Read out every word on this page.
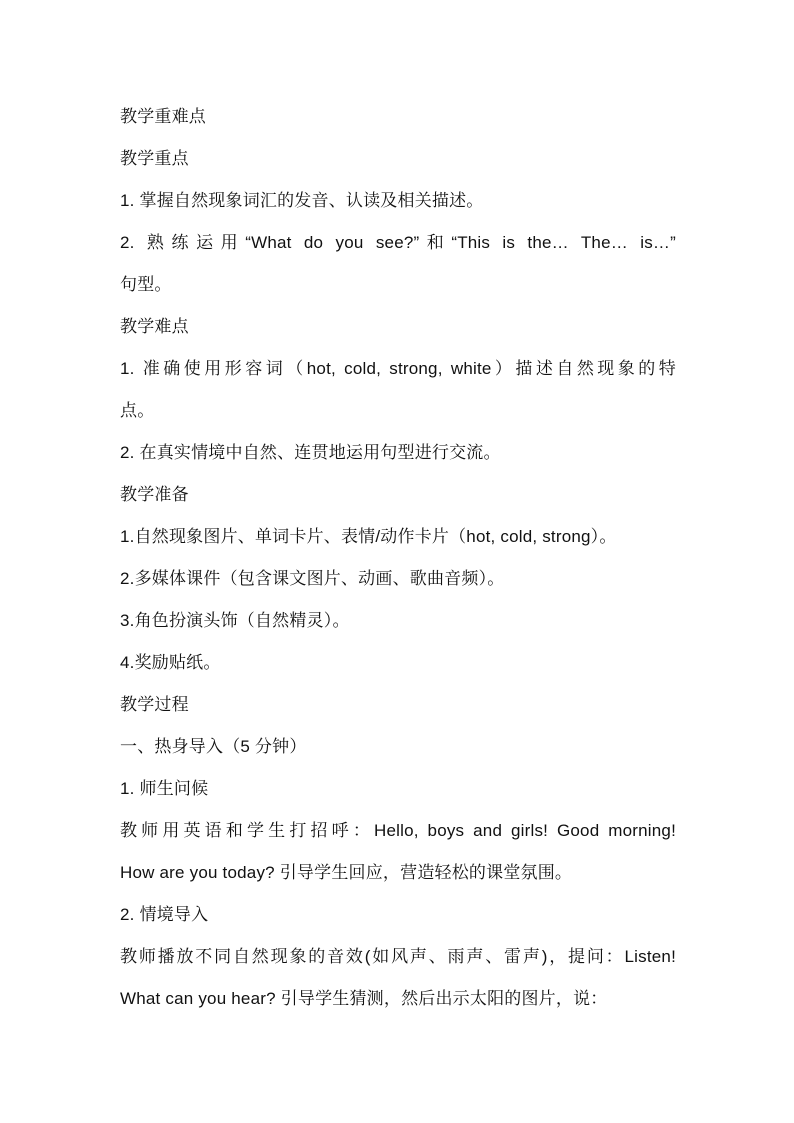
教学重难点
教学重点
1. 掌握自然现象词汇的发音、认读及相关描述。
2. 熟练运用“What do you see?”和“This is the… The… is…”
句型。
教学难点
1. 准确使用形容词（hot, cold, strong, white）描述自然现象的特
点。
2. 在真实情境中自然、连贯地运用句型进行交流。
教学准备
1.自然现象图片、单词卡片、表情/动作卡片（hot, cold, strong）。
2.多媒体课件（包含课文图片、动画、歌曲音频）。
3.角色扮演头饰（自然精灵）。
4.奖励贴纸。
教学过程
一、热身导入（5 分钟）
1. 师生问候
教师用英语和学生打招呼：Hello, boys and girls! Good morning!
How are you today? 引导学生回应，营造轻松的课堂氛围。
2. 情境导入
教师播放不同自然现象的音效(如风声、雨声、雷声)，提问：Listen!
What can you hear? 引导学生猜测，然后出示太阳的图片，说：
